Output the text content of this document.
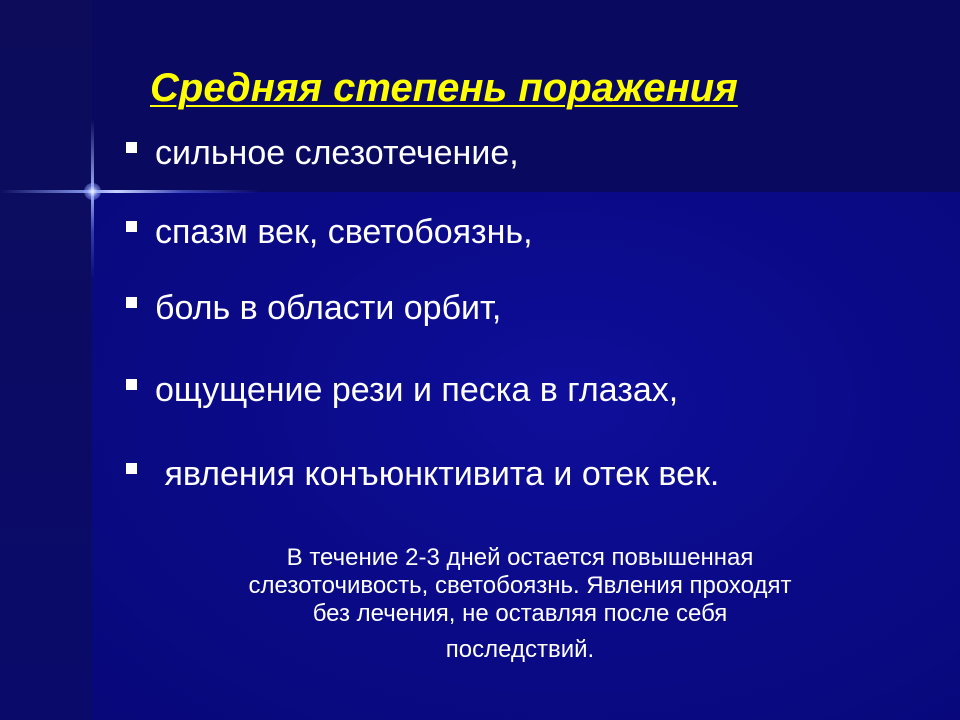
Средняя степень поражения
сильное слезотечение,
спазм век, светобоязнь,
боль в области орбит,
ощущение рези и песка в глазах,
явления конъюнктивита и отек век.
В течение 2-3 дней остается повышенная
слезоточивость, светобоязнь. Явления проходят
без лечения, не оставляя после себя
последствий.
